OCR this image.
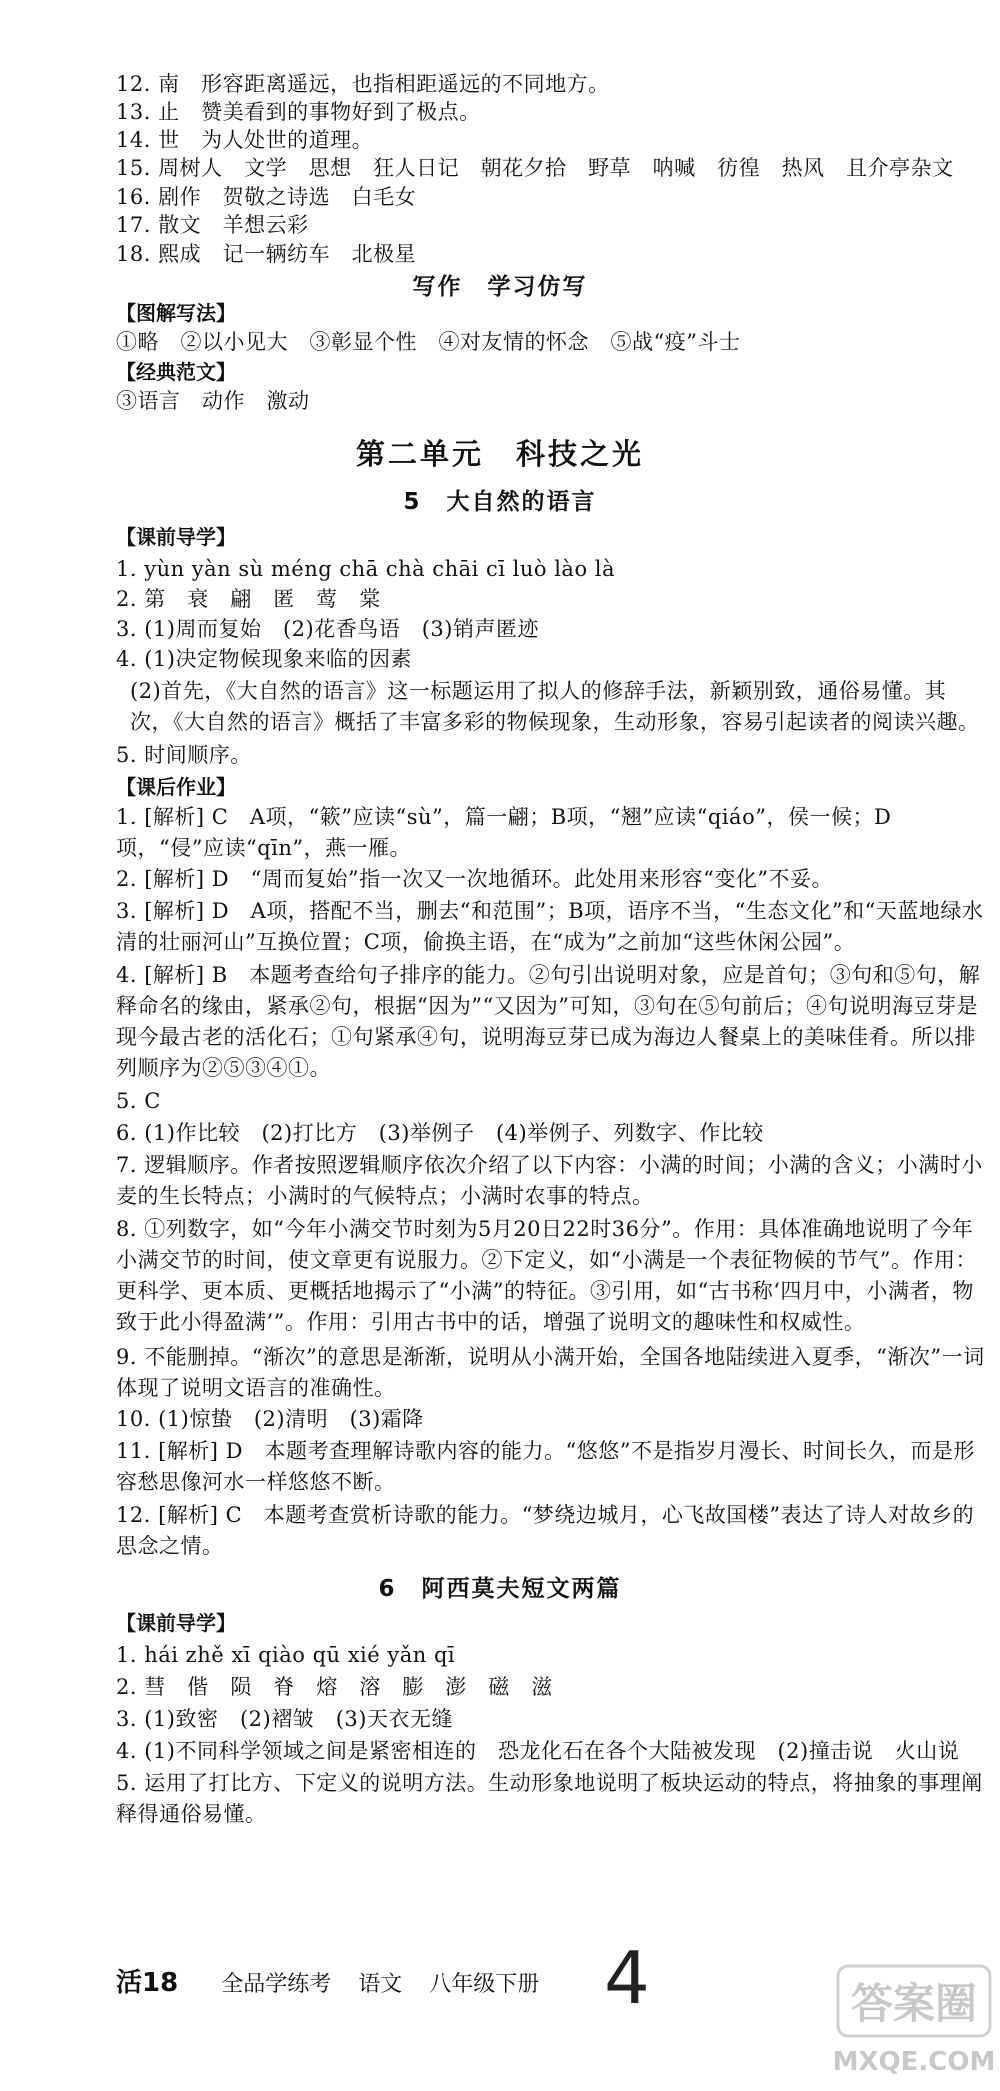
12. 南　形容距离遥远，也指相距遥远的不同地方。
13. 止　赞美看到的事物好到了极点。
14. 世　为人处世的道理。
15. 周树人　文学　思想　狂人日记　朝花夕拾　野草　呐喊　彷徨　热风　且介亭杂文
16. 剧作　贺敬之诗选　白毛女
17. 散文　羊想云彩
18. 熙成　记一辆纺车　北极星
写作　学习仿写
【图解写法】
①略　②以小见大　③彰显个性　④对友情的怀念　⑤战“疫”斗士
【经典范文】
③语言　动作　激动
第二单元　科技之光
5　大自然的语言
【课前导学】
1. yùn yàn sù méng chā chà chāi cī luò lào là
2. 第　衰　翩　匿　莺　棠
3. (1)周而复始　(2)花香鸟语　(3)销声匿迹
4. (1)决定物候现象来临的因素
(2)首先，《大自然的语言》这一标题运用了拟人的修辞手法，新颖别致，通俗易懂。其次，《大自然的语言》概括了丰富多彩的物候现象，生动形象，容易引起读者的阅读兴趣。
5. 时间顺序。
【课后作业】
1. [解析] C　A项，“簌”应读“sù”，篇一翩；B项，“翘”应读“qiáo”，侯一候；D项，“侵”应读“qīn”，燕一雁。
2. [解析] D　“周而复始”指一次又一次地循环。此处用来形容“变化”不妥。
3. [解析] D　A项，搭配不当，删去“和范围”；B项，语序不当，“生态文化”和“天蓝地绿水清的壮丽河山”互换位置；C项，偷换主语，在“成为”之前加“这些休闲公园”。
4. [解析] B　本题考查给句子排序的能力。②句引出说明对象，应是首句；③句和⑤句，解释命名的缘由，紧承②句，根据“因为”“又因为”可知，③句在⑤句前后；④句说明海豆芽是现今最古老的活化石；①句紧承④句，说明海豆芽已成为海边人餐桌上的美味佳肴。所以排列顺序为②⑤③④①。
5. C
6. (1)作比较　(2)打比方　(3)举例子　(4)举例子、列数字、作比较
7. 逻辑顺序。作者按照逻辑顺序依次介绍了以下内容：小满的时间；小满的含义；小满时小麦的生长特点；小满时的气候特点；小满时农事的特点。
8. ①列数字，如“今年小满交节时刻为5月20日22时36分”。作用：具体准确地说明了今年小满交节的时间，使文章更有说服力。②下定义，如“小满是一个表征物候的节气”。作用：更科学、更本质、更概括地揭示了“小满”的特征。③引用，如“古书称‘四月中，小满者，物致于此小得盈满’”。作用：引用古书中的话，增强了说明文的趣味性和权威性。
9. 不能删掉。“渐次”的意思是渐渐，说明从小满开始，全国各地陆续进入夏季，“渐次”一词体现了说明文语言的准确性。
10. (1)惊蛰　(2)清明　(3)霜降
11. [解析] D　本题考查理解诗歌内容的能力。“悠悠”不是指岁月漫长、时间长久，而是形容愁思像河水一样悠悠不断。
12. [解析] C　本题考查赏析诗歌的能力。“梦绕边城月，心飞故国楼”表达了诗人对故乡的思念之情。
6　阿西莫夫短文两篇
【课前导学】
1. hái zhě xī qiào qū xié yǎn qī
2. 彗　偕　陨　脊　熔　溶　膨　澎　磁　滋
3. (1)致密　(2)褶皱　(3)天衣无缝
4. (1)不同科学领域之间是紧密相连的　恐龙化石在各个大陆被发现　(2)撞击说　火山说
5. 运用了打比方、下定义的说明方法。生动形象地说明了板块运动的特点，将抽象的事理阐释得通俗易懂。
活18 全品学练考 语文 八年级下册 4	答案圈
MXQE.COM
